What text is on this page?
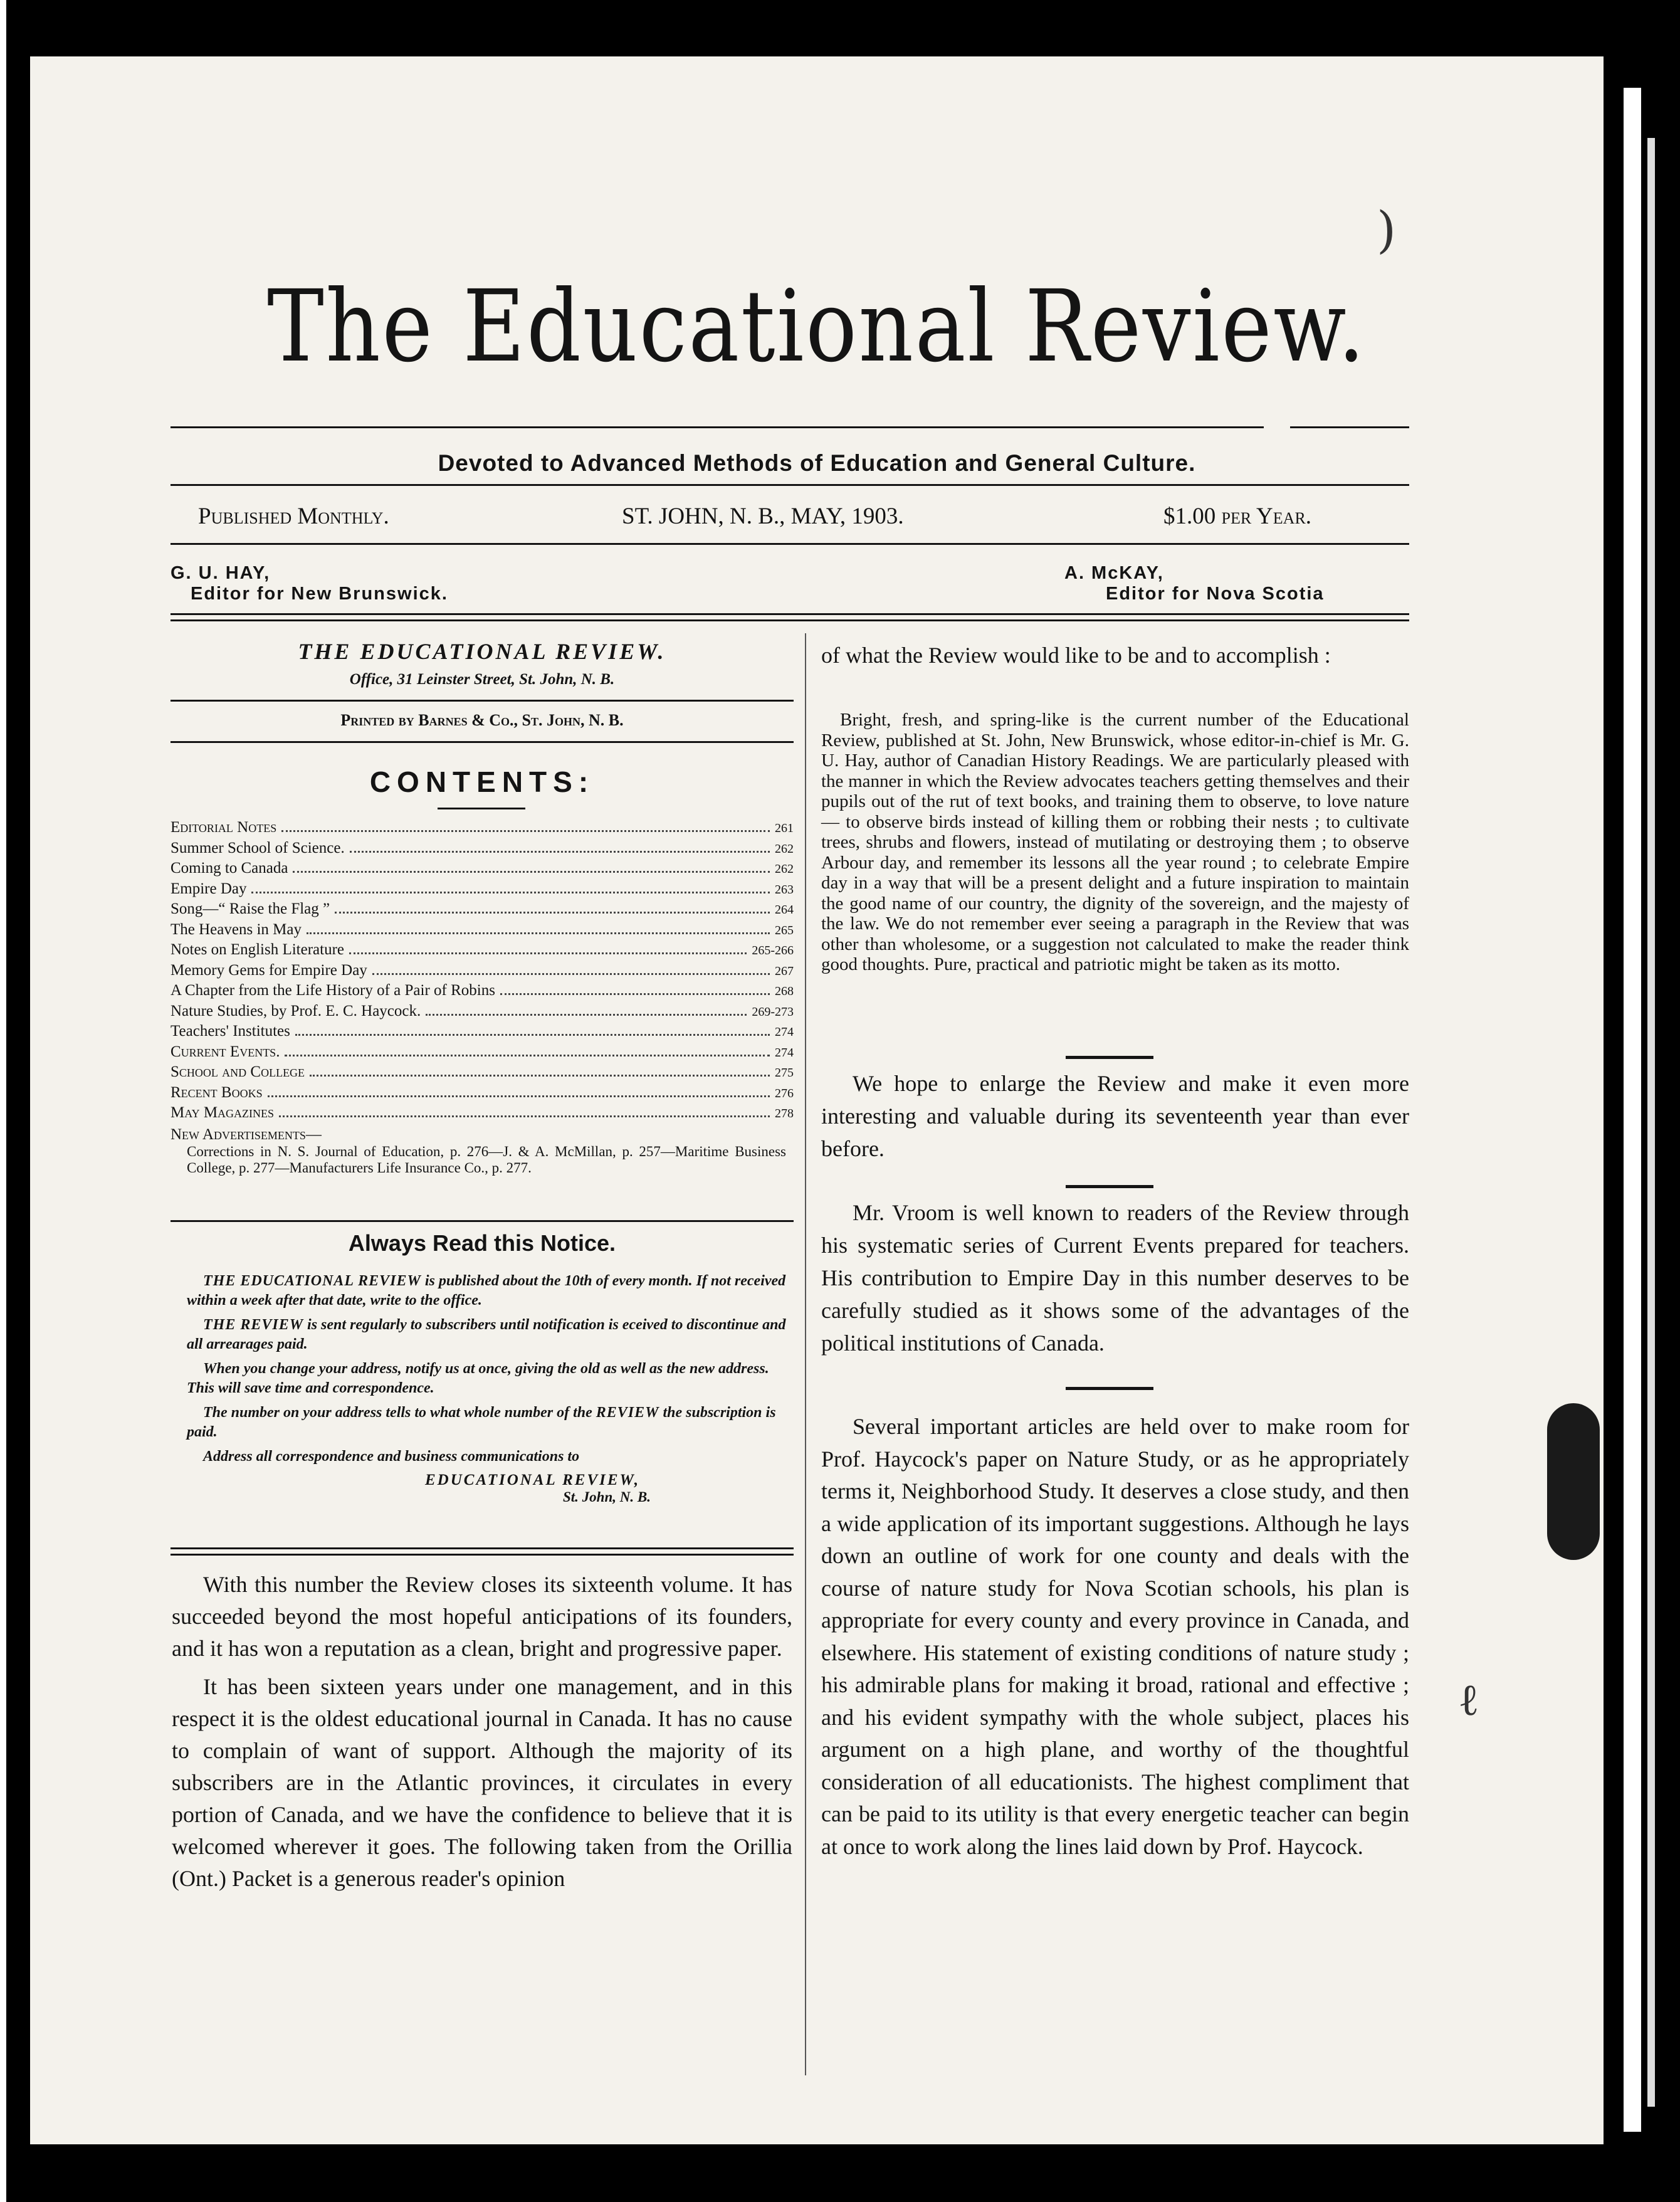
The Educational Review.
Devoted to Advanced Methods of Education and General Culture.
Published Monthly.	ST. JOHN, N. B., MAY, 1903.	$1.00 per Year.
G. U. HAY,
Editor for New Brunswick.
A. McKAY,
Editor for Nova Scotia
THE EDUCATIONAL REVIEW.
Office, 31 Leinster Street, St. John, N. B.
Printed by Barnes & Co., St. John, N. B.
CONTENTS:
Editorial Notes	261
Summer School of Science.	262
Coming to Canada	262
Empire Day	263
Song—“ Raise the Flag ”	264
The Heavens in May	265
Notes on English Literature	265-266
Memory Gems for Empire Day	267
A Chapter from the Life History of a Pair of Robins	268
Nature Studies, by Prof. E. C. Haycock.	269-273
Teachers' Institutes	274
Current Events.	274
School and College	275
Recent Books	276
May Magazines	278
New Advertisements—
Corrections in N. S. Journal of Education, p. 276—J. & A. McMillan, p. 257—Maritime Business College, p. 277—Manufacturers Life Insurance Co., p. 277.
Always Read this Notice.

THE EDUCATIONAL REVIEW is published about the 10th of every month. If not received within a week after that date, write to the office.

THE REVIEW is sent regularly to subscribers until notification is eceived to discontinue and all arrearages paid.

When you change your address, notify us at once, giving the old as well as the new address. This will save time and correspondence.

The number on your address tells to what whole number of the REVIEW the subscription is paid.

Address all correspondence and business communications to

EDUCATIONAL REVIEW,
St. John, N. B.

With this number the Review closes its sixteenth volume. It has succeeded beyond the most hopeful anticipations of its founders, and it has won a reputation as a clean, bright and progressive paper.

It has been sixteen years under one management, and in this respect it is the oldest educational journal in Canada. It has no cause to complain of want of support. Although the majority of its subscribers are in the Atlantic provinces, it circulates in every portion of Canada, and we have the confidence to believe that it is welcomed wherever it goes. The following taken from the Orillia (Ont.) Packet is a generous reader's opinion

of what the Review would like to be and to accomplish :
Bright, fresh, and spring-like is the current number of the Educational Review, published at St. John, New Brunswick, whose editor-in-chief is Mr. G. U. Hay, author of Canadian History Readings. We are particularly pleased with the manner in which the Review advocates teachers getting themselves and their pupils out of the rut of text books, and training them to observe, to love nature — to observe birds instead of killing them or robbing their nests ; to cultivate trees, shrubs and flowers, instead of mutilating or destroying them ; to observe Arbour day, and remember its lessons all the year round ; to celebrate Empire day in a way that will be a present delight and a future inspiration to maintain the good name of our country, the dignity of the sovereign, and the majesty of the law. We do not remember ever seeing a paragraph in the Review that was other than wholesome, or a suggestion not calculated to make the reader think good thoughts. Pure, practical and patriotic might be taken as its motto.

We hope to enlarge the Review and make it even more interesting and valuable during its seventeenth year than ever before.

Mr. Vroom is well known to readers of the Review through his systematic series of Current Events prepared for teachers. His contribution to Empire Day in this number deserves to be carefully studied as it shows some of the advantages of the political institutions of Canada.

Several important articles are held over to make room for Prof. Haycock's paper on Nature Study, or as he appropriately terms it, Neighborhood Study. It deserves a close study, and then a wide application of its important suggestions. Although he lays down an outline of work for one county and deals with the course of nature study for Nova Scotian schools, his plan is appropriate for every county and every province in Canada, and elsewhere. His statement of existing conditions of nature study ; his admirable plans for making it broad, rational and effective ; and his evident sympathy with the whole subject, places his argument on a high plane, and worthy of the thoughtful consideration of all educationists. The highest compliment that can be paid to its utility is that every energetic teacher can begin at once to work along the lines laid down by Prof. Haycock.

)
ℓ
